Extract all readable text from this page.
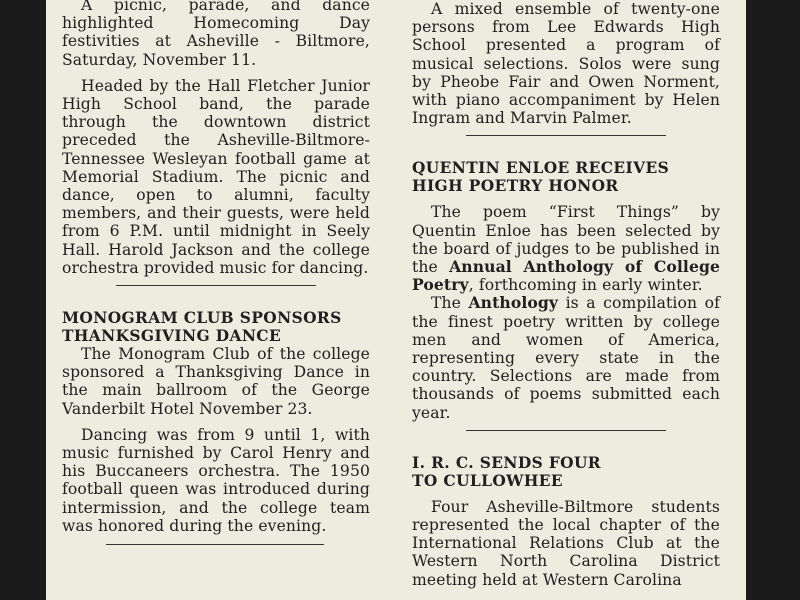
A picnic, parade, and dance highlighted Homecoming Day festivities at Asheville - Biltmore, Saturday, November 11.

Headed by the Hall Fletcher Junior High School band, the parade through the downtown district preceded the Asheville-Biltmore-Tennessee Wesleyan football game at Memorial Stadium. The picnic and dance, open to alumni, faculty members, and their guests, were held from 6 P.M. until midnight in Seely Hall. Harold Jackson and the college orchestra provided music for dancing.

MONOGRAM CLUB SPONSORS
THANKSGIVING DANCE

The Monogram Club of the college sponsored a Thanksgiving Dance in the main ballroom of the George Vanderbilt Hotel November 23.

Dancing was from 9 until 1, with music furnished by Carol Henry and his Buccaneers orchestra. The 1950 football queen was introduced during intermission, and the college team was honored during the evening.

A mixed ensemble of twenty-one persons from Lee Edwards High School presented a program of musical selections. Solos were sung by Pheobe Fair and Owen Norment, with piano accompaniment by Helen Ingram and Marvin Palmer.

QUENTIN ENLOE RECEIVES
HIGH POETRY HONOR

The poem “First Things” by Quentin Enloe has been selected by the board of judges to be published in the Annual Anthology of College Poetry, forthcoming in early winter.

The Anthology is a compilation of the finest poetry written by college men and women of America, representing every state in the country. Selections are made from thousands of poems submitted each year.

I. R. C. SENDS FOUR
TO CULLOWHEE

Four Asheville-Biltmore students represented the local chapter of the International Relations Club at the Western North Carolina District meeting held at Western Carolina
